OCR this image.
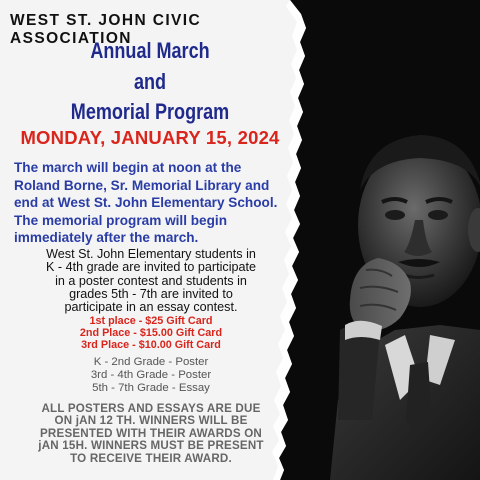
WEST ST. JOHN CIVIC ASSOCIATION
Annual March
and
Memorial Program
MONDAY, JANUARY 15, 2024
The march will begin at noon at the
Roland Borne, Sr. Memorial Library and
end at West St. John Elementary School.
The memorial program will begin
immediately after the march.
West St. John Elementary students in
K - 4th grade are invited to participate
in a poster contest and students in
grades 5th - 7th are invited to
participate in an essay contest.
1st place - $25 Gift Card
2nd Place - $15.00 Gift Card
3rd Place - $10.00 Gift Card
K - 2nd Grade - Poster
3rd - 4th Grade - Poster
5th - 7th Grade - Essay
ALL POSTERS AND ESSAYS ARE DUE
ON jAN 12 TH. WINNERS WILL BE
PRESENTED WITH THEIR AWARDS ON
jAN 15H. WINNERS MUST BE PRESENT
TO RECEIVE THEIR AWARD.
